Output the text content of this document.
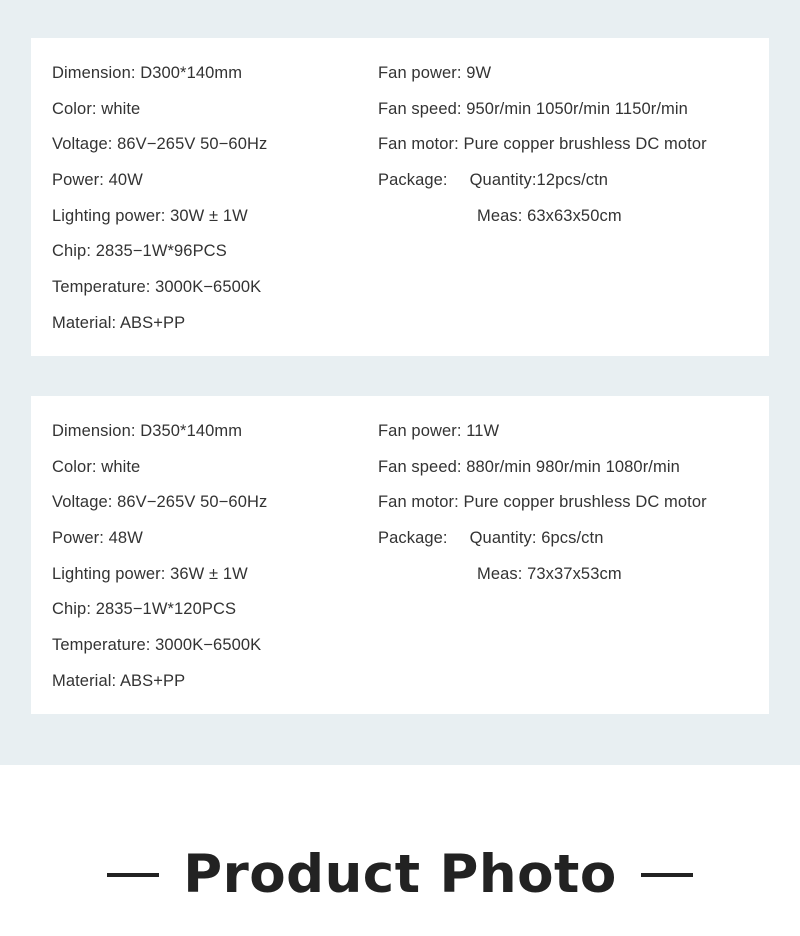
Dimension: D300*140mm
Color: white
Voltage: 86V−265V 50−60Hz
Power: 40W
Lighting power: 30W ± 1W
Chip: 2835−1W*96PCS
Temperature: 3000K−6500K
Material: ABS+PP
Fan power: 9W
Fan speed: 950r/min 1050r/min 1150r/min
Fan motor: Pure copper brushless DC motor
Package: Quantity:12pcs/ctn
Meas: 63x63x50cm
Dimension: D350*140mm
Color: white
Voltage: 86V−265V 50−60Hz
Power: 48W
Lighting power: 36W ± 1W
Chip: 2835−1W*120PCS
Temperature: 3000K−6500K
Material: ABS+PP
Fan power: 11W
Fan speed: 880r/min 980r/min 1080r/min
Fan motor: Pure copper brushless DC motor
Package: Quantity: 6pcs/ctn
Meas: 73x37x53cm
Product Photo
